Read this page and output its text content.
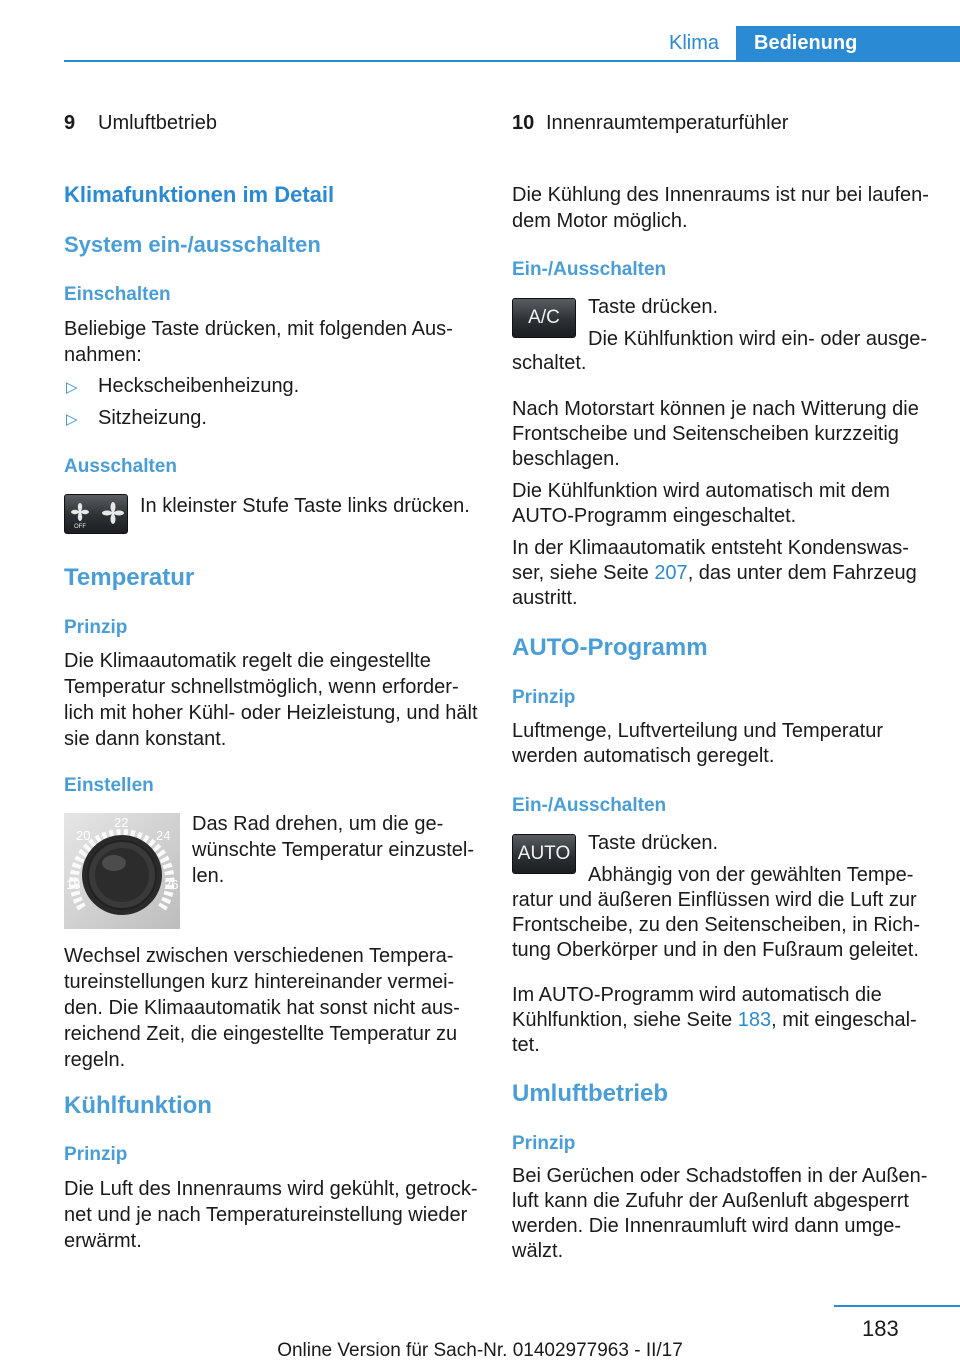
Klima	Bedienung
9 Umluftbetrieb
Klimafunktionen im Detail
System ein-/ausschalten
Einschalten
Beliebige Taste drücken, mit folgenden Aus-
nahmen:
▷ Heckscheibenheizung.
▷ Sitzheizung.
Ausschalten
OFF
In kleinster Stufe Taste links drücken.
Temperatur
Prinzip
Die Klimaautomatik regelt die eingestellte
Temperatur schnellstmöglich, wenn erforder-
lich mit hoher Kühl- oder Heizleistung, und hält
sie dann konstant.
Einstellen
20
22
24
18	26
Das Rad drehen, um die ge-
wünschte Temperatur einzustel-
len.
Wechsel zwischen verschiedenen Tempera-
tureinstellungen kurz hintereinander vermei-
den. Die Klimaautomatik hat sonst nicht aus-
reichend Zeit, die eingestellte Temperatur zu
regeln.
Kühlfunktion
Prinzip
Die Luft des Innenraums wird gekühlt, getrock-
net und je nach Temperatureinstellung wieder
erwärmt.
10 Innenraumtemperaturfühler
Die Kühlung des Innenraums ist nur bei laufen-
dem Motor möglich.
Ein-/Ausschalten
A/C	Taste drücken.
Die Kühlfunktion wird ein- oder ausge-
schaltet.
Nach Motorstart können je nach Witterung die
Frontscheibe und Seitenscheiben kurzzeitig
beschlagen.
Die Kühlfunktion wird automatisch mit dem
AUTO-Programm eingeschaltet.
In der Klimaautomatik entsteht Kondenswas-
ser, siehe Seite 207, das unter dem Fahrzeug
austritt.
AUTO-Programm
Prinzip
Luftmenge, Luftverteilung und Temperatur
werden automatisch geregelt.
Ein-/Ausschalten
AUTO Taste drücken.
Abhängig von der gewählten Tempe-
ratur und äußeren Einflüssen wird die Luft zur
Frontscheibe, zu den Seitenscheiben, in Rich-
tung Oberkörper und in den Fußraum geleitet.
Im AUTO-Programm wird automatisch die
Kühlfunktion, siehe Seite 183, mit eingeschal-
tet.
Umluftbetrieb
Prinzip
Bei Gerüchen oder Schadstoffen in der Außen-
luft kann die Zufuhr der Außenluft abgesperrt
werden. Die Innenraumluft wird dann umge-
wälzt.
183
Online Version für Sach-Nr. 01402977963 - II/17
